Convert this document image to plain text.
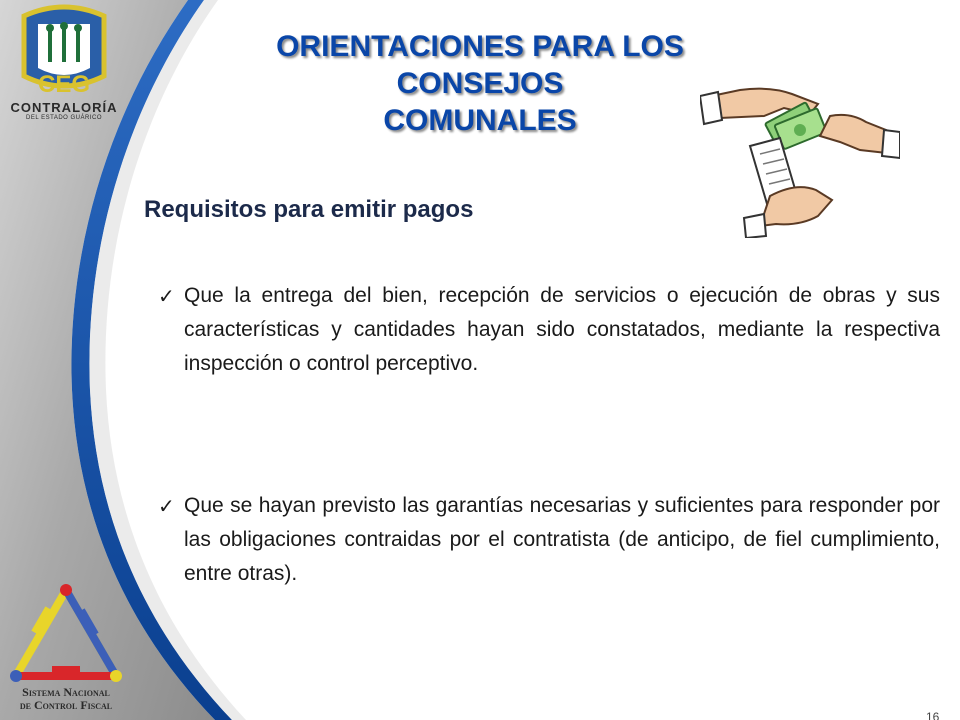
CEG
CONTRALORÍA
DEL ESTADO GUÁRICO
ORIENTACIONES PARA LOS CONSEJOS
COMUNALES
Requisitos para emitir pagos
✓ Que la entrega del bien, recepción de servicios o ejecución de obras y sus características y cantidades hayan sido constatados, mediante la respectiva inspección o control perceptivo.
✓ Que se hayan previsto las garantías necesarias y suficientes para responder por las obligaciones contraidas por el contratista (de anticipo, de fiel cumplimiento, entre otras).
Sistema Nacional
de Control Fiscal
16
